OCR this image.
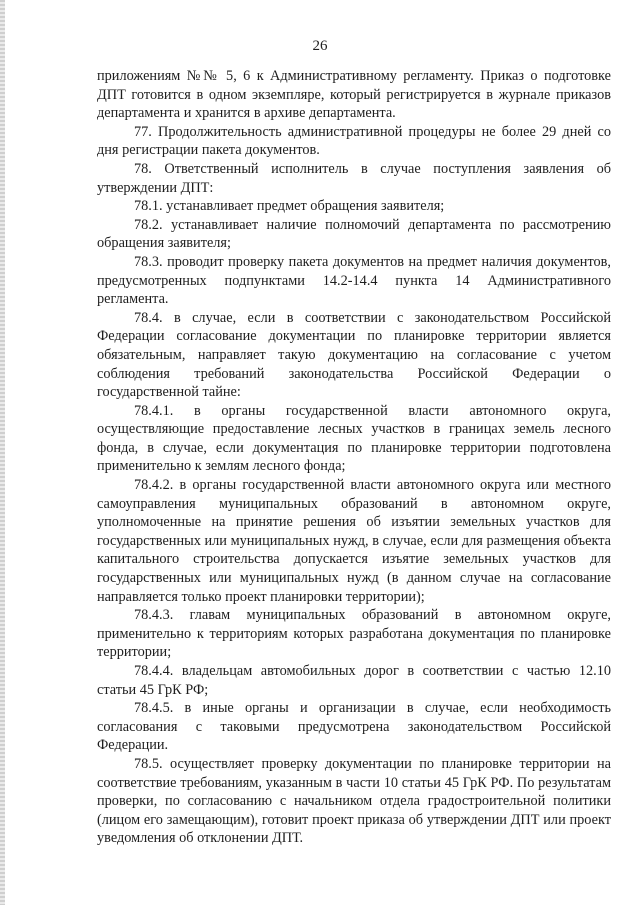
26

приложениям №№ 5, 6 к Административному регламенту. Приказ о подготовке ДПТ готовится в одном экземпляре, который регистрируется в журнале приказов департамента и хранится в архиве департамента.

77. Продолжительность административной процедуры не более 29 дней со дня регистрации пакета документов.

78. Ответственный исполнитель в случае поступления заявления об утверждении ДПТ:

78.1. устанавливает предмет обращения заявителя;

78.2. устанавливает наличие полномочий департамента по рассмотрению обращения заявителя;

78.3. проводит проверку пакета документов на предмет наличия документов, предусмотренных подпунктами 14.2-14.4 пункта 14 Административного регламента.

78.4. в случае, если в соответствии с законодательством Российской Федерации согласование документации по планировке территории является обязательным, направляет такую документацию на согласование с учетом соблюдения требований законодательства Российской Федерации о государственной тайне:

78.4.1. в органы государственной власти автономного округа, осуществляющие предоставление лесных участков в границах земель лесного фонда, в случае, если документация по планировке территории подготовлена применительно к землям лесного фонда;

78.4.2. в органы государственной власти автономного округа или местного самоуправления муниципальных образований в автономном округе, уполномоченные на принятие решения об изъятии земельных участков для государственных или муниципальных нужд, в случае, если для размещения объекта капитального строительства допускается изъятие земельных участков для государственных или муниципальных нужд (в данном случае на согласование направляется только проект планировки территории);

78.4.3. главам муниципальных образований в автономном округе, применительно к территориям которых разработана документация по планировке территории;

78.4.4. владельцам автомобильных дорог в соответствии с частью 12.10 статьи 45 ГрК РФ;

78.4.5. в иные органы и организации в случае, если необходимость согласования с таковыми предусмотрена законодательством Российской Федерации.

78.5. осуществляет проверку документации по планировке территории на соответствие требованиям, указанным в части 10 статьи 45 ГрК РФ. По результатам проверки, по согласованию с начальником отдела градостроительной политики (лицом его замещающим), готовит проект приказа об утверждении ДПТ или проект уведомления об отклонении ДПТ.
